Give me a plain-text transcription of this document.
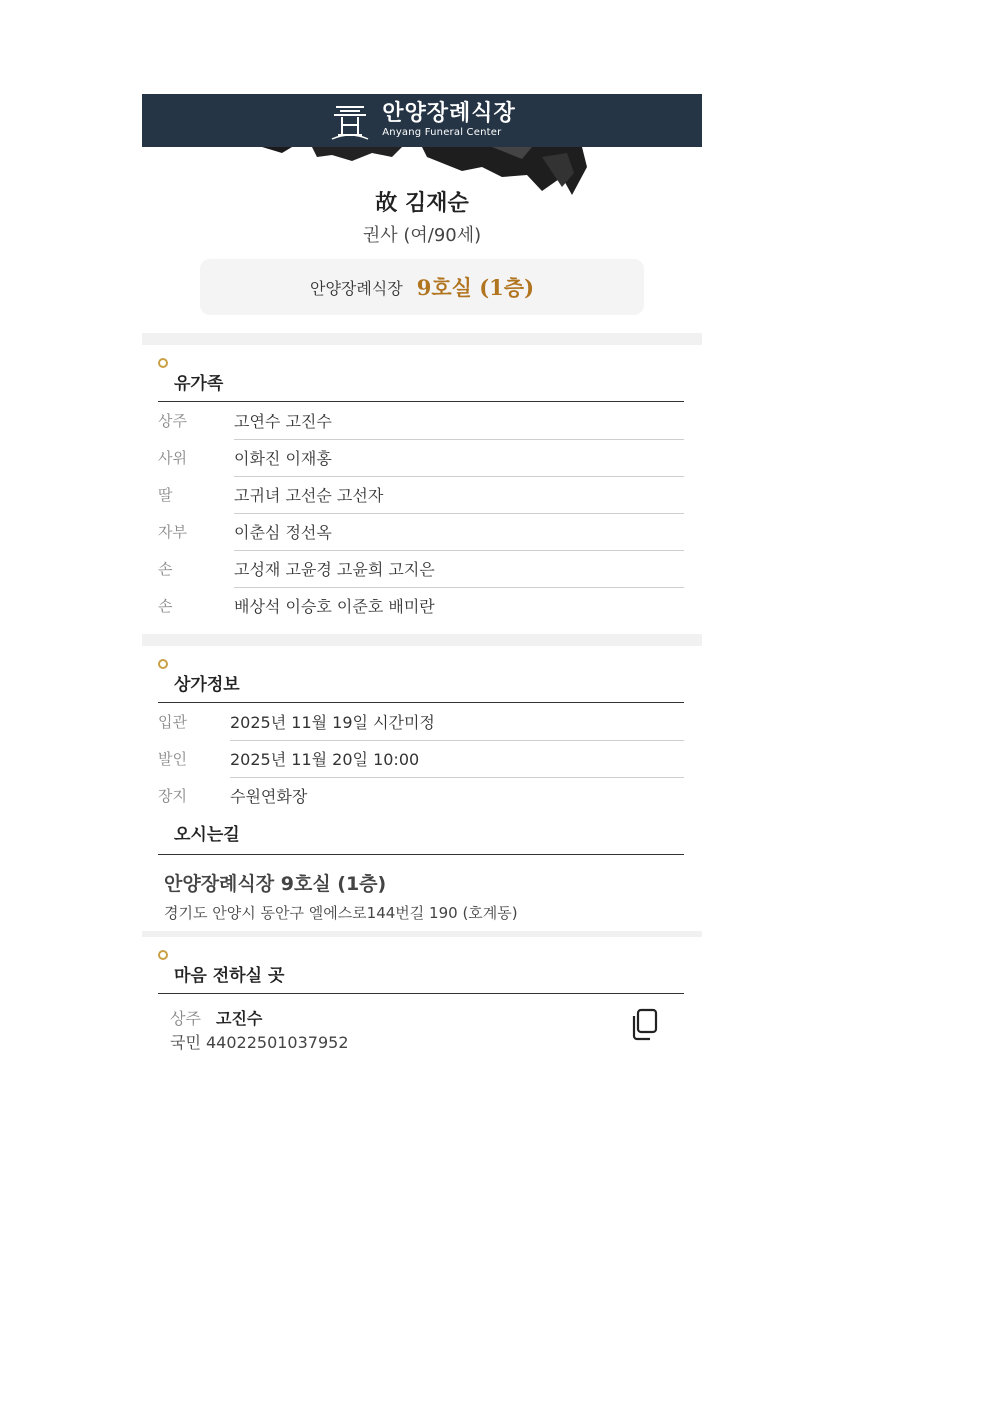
안양장례식장
Anyang Funeral Center
故 김재순
권사 (여/90세)
안양장례식장 9호실 (1층)
유가족
상주	고연수 고진수
사위	이화진 이재홍
딸	고귀녀 고선순 고선자
자부	이춘심 정선옥
손	고성재 고윤경 고윤희 고지은
손	배상석 이승호 이준호 배미란
상가정보
입관	2025년 11월 19일 시간미정
발인	2025년 11월 20일 10:00
장지	수원연화장
오시는길
안양장례식장 9호실 (1층)
경기도 안양시 동안구 엘에스로144번길 190 (호계동)
마음 전하실 곳
상주 고진수
국민 44022501037952
